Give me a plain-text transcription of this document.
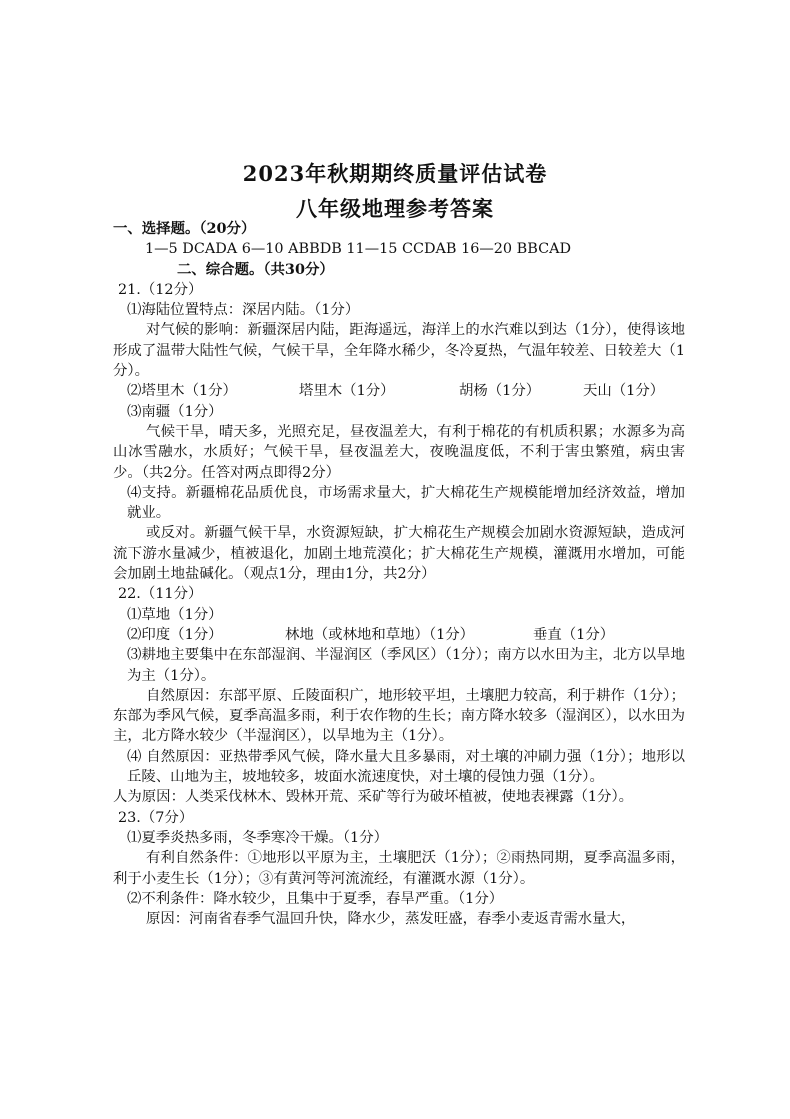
2023年秋期期终质量评估试卷
八年级地理参考答案
一、选择题。（20分）
1—5 DCADA 6—10 ABBDB 11—15 CCDAB 16—20 BBCAD
二、综合题。（共30分）
21.（12分）
⑴海陆位置特点：深居内陆。（1分）
对气候的影响：新疆深居内陆，距海遥远，海洋上的水汽难以到达（1分），使得该地形成了温带大陆性气候，气候干旱，全年降水稀少，冬冷夏热，气温年较差、日较差大（1分）。
⑵塔里木（1分）	塔里木（1分）	胡杨（1分）	天山（1分）
⑶南疆（1分）
气候干旱，晴天多，光照充足，昼夜温差大，有利于棉花的有机质积累；水源多为高山冰雪融水，水质好；气候干旱，昼夜温差大，夜晚温度低，不利于害虫繁殖，病虫害少。（共2分。任答对两点即得2分）
⑷支持。新疆棉花品质优良，市场需求量大，扩大棉花生产规模能增加经济效益，增加就业。
或反对。新疆气候干旱，水资源短缺，扩大棉花生产规模会加剧水资源短缺，造成河流下游水量减少，植被退化，加剧土地荒漠化；扩大棉花生产规模，灌溉用水增加，可能会加剧土地盐碱化。（观点1分，理由1分，共2分）
22.（11分）
⑴草地（1分）
⑵印度（1分）	林地（或林地和草地）（1分）	垂直（1分）
⑶耕地主要集中在东部湿润、半湿润区（季风区）（1分）；南方以水田为主，北方以旱地为主（1分）。
自然原因：东部平原、丘陵面积广，地形较平坦，土壤肥力较高，利于耕作（1分）；东部为季风气候，夏季高温多雨，利于农作物的生长；南方降水较多（湿润区），以水田为主，北方降水较少（半湿润区），以旱地为主（1分）。
⑷ 自然原因：亚热带季风气候，降水量大且多暴雨，对土壤的冲刷力强（1分）；地形以丘陵、山地为主，坡地较多，坡面水流速度快，对土壤的侵蚀力强（1分）。
人为原因：人类采伐林木、毁林开荒、采矿等行为破坏植被，使地表裸露（1分）。
23.（7分）
⑴夏季炎热多雨，冬季寒冷干燥。（1分）
有利自然条件：①地形以平原为主，土壤肥沃（1分）；②雨热同期，夏季高温多雨，利于小麦生长（1分）；③有黄河等河流流经，有灌溉水源（1分）。
⑵不利条件：降水较少，且集中于夏季，春旱严重。（1分）
原因：河南省春季气温回升快，降水少，蒸发旺盛，春季小麦返青需水量大，
